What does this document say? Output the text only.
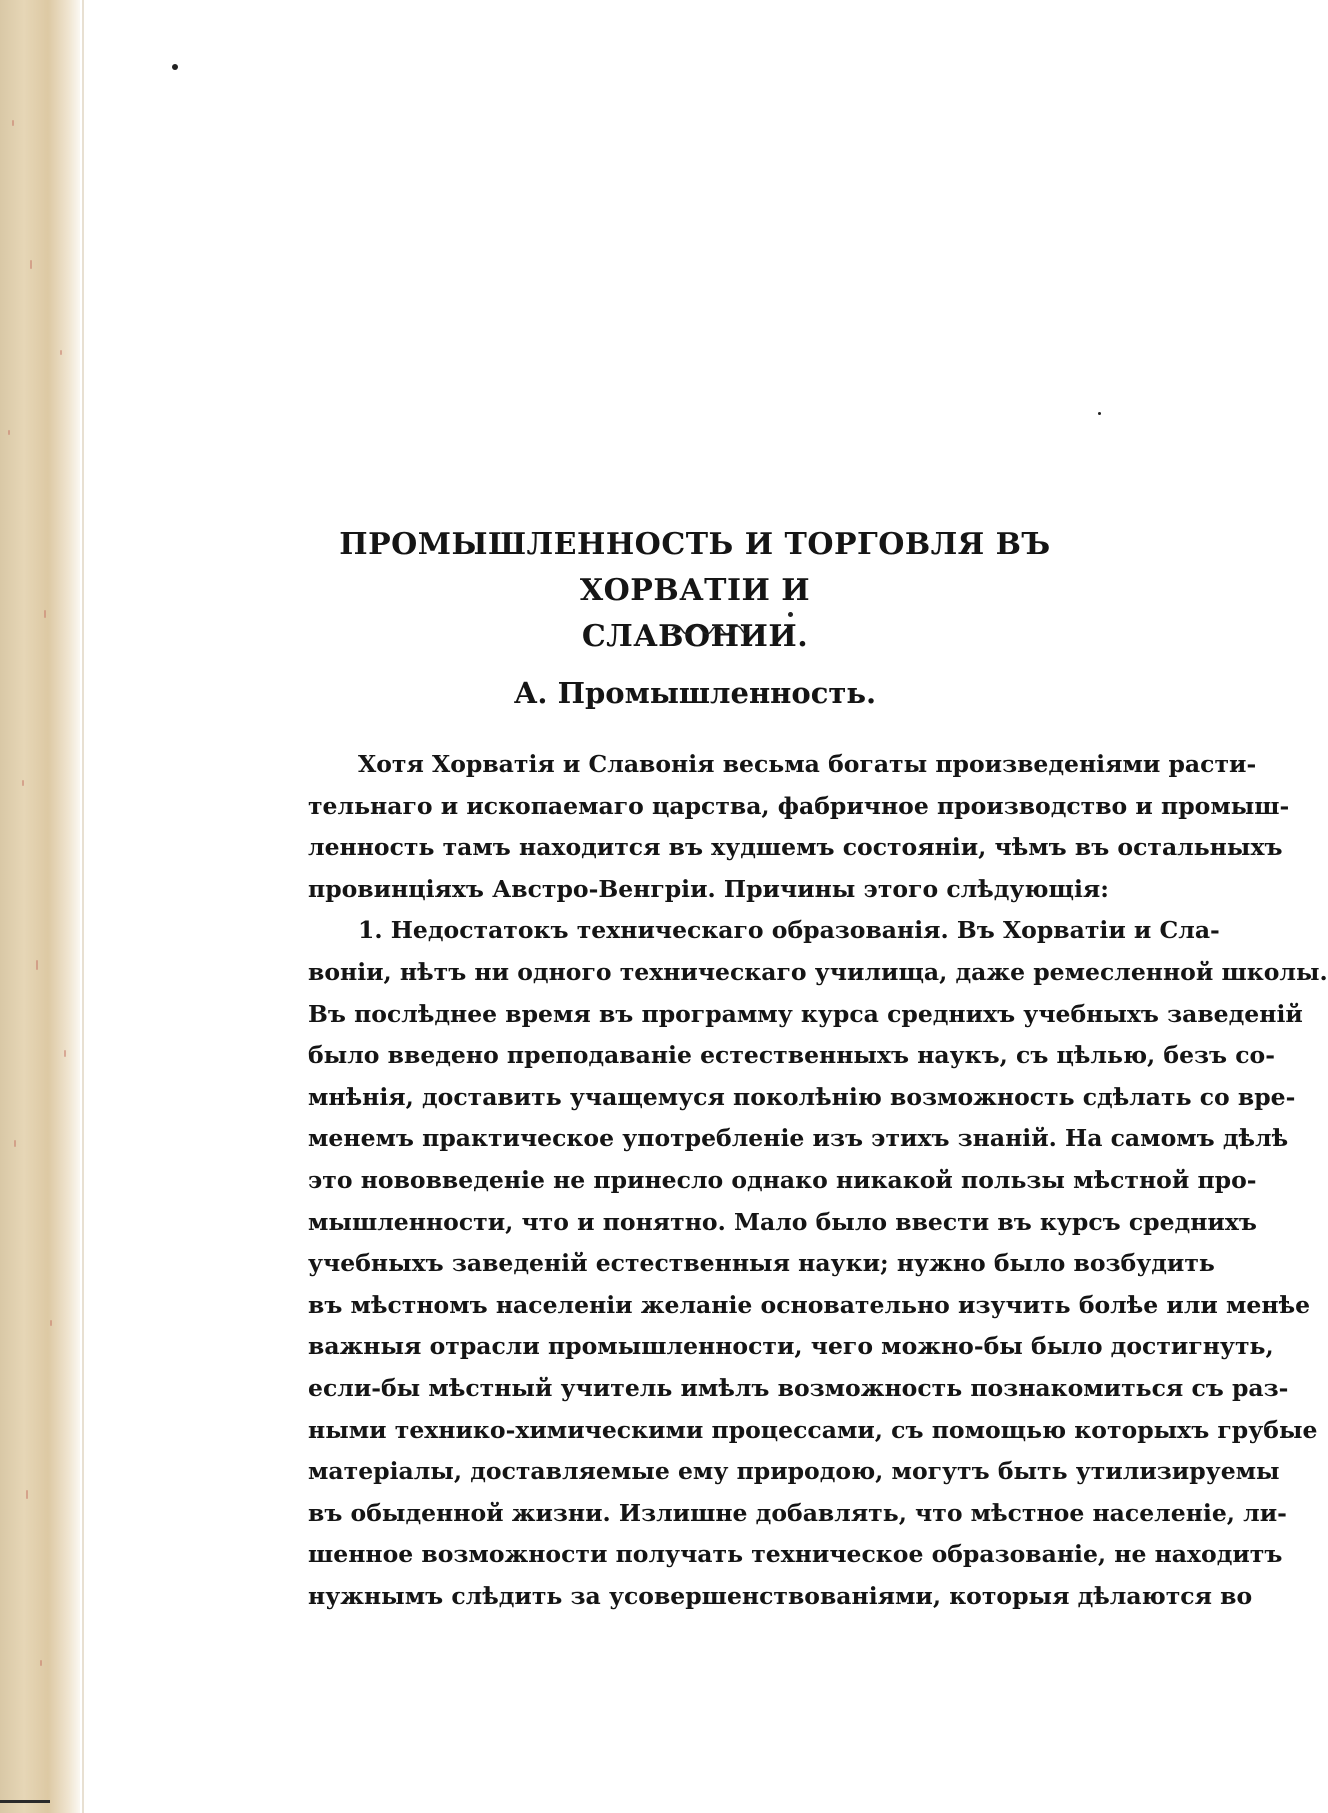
ПРОМЫШЛЕННОСТЬ И ТОРГОВЛЯ ВЪ ХОРВАТІИ И
СЛАВОНИИ.
А. Промышленность.
Хотя Хорватія и Славонія весьма богаты произведеніями расти-
тельнаго и ископаемаго царства, фабричное производство и промыш-
ленность тамъ находится въ худшемъ состояніи, чѣмъ въ остальныхъ
провинціяхъ Австро-Венгріи. Причины этого слѣдующія:
1. Недостатокъ техническаго образованія. Въ Хорватіи и Сла-
воніи, нѣтъ ни одного техническаго училища, даже ремесленной школы.
Въ послѣднее время въ программу курса среднихъ учебныхъ заведеній
было введено преподаваніе естественныхъ наукъ, съ цѣлью, безъ со-
мнѣнія, доставить учащемуся поколѣнію возможность сдѣлать со вре-
менемъ практическое употребленіе изъ этихъ знаній. На самомъ дѣлѣ
это нововведеніе не принесло однако никакой пользы мѣстной про-
мышленности, что и понятно. Мало было ввести въ курсъ среднихъ
учебныхъ заведеній естественныя науки; нужно было возбудить
въ мѣстномъ населеніи желаніе основательно изучить болѣе или менѣе
важныя отрасли промышленности, чего можно-бы было достигнуть,
если-бы мѣстный учитель имѣлъ возможность познакомиться съ раз-
ными технико-химическими процессами, съ помощью которыхъ грубые
матеріалы, доставляемые ему природою, могутъ быть утилизируемы
въ обыденной жизни. Излишне добавлять, что мѣстное населеніе, ли-
шенное возможности получать техническое образованіе, не находитъ
нужнымъ слѣдить за усовершенствованіями, которыя дѣлаются во
